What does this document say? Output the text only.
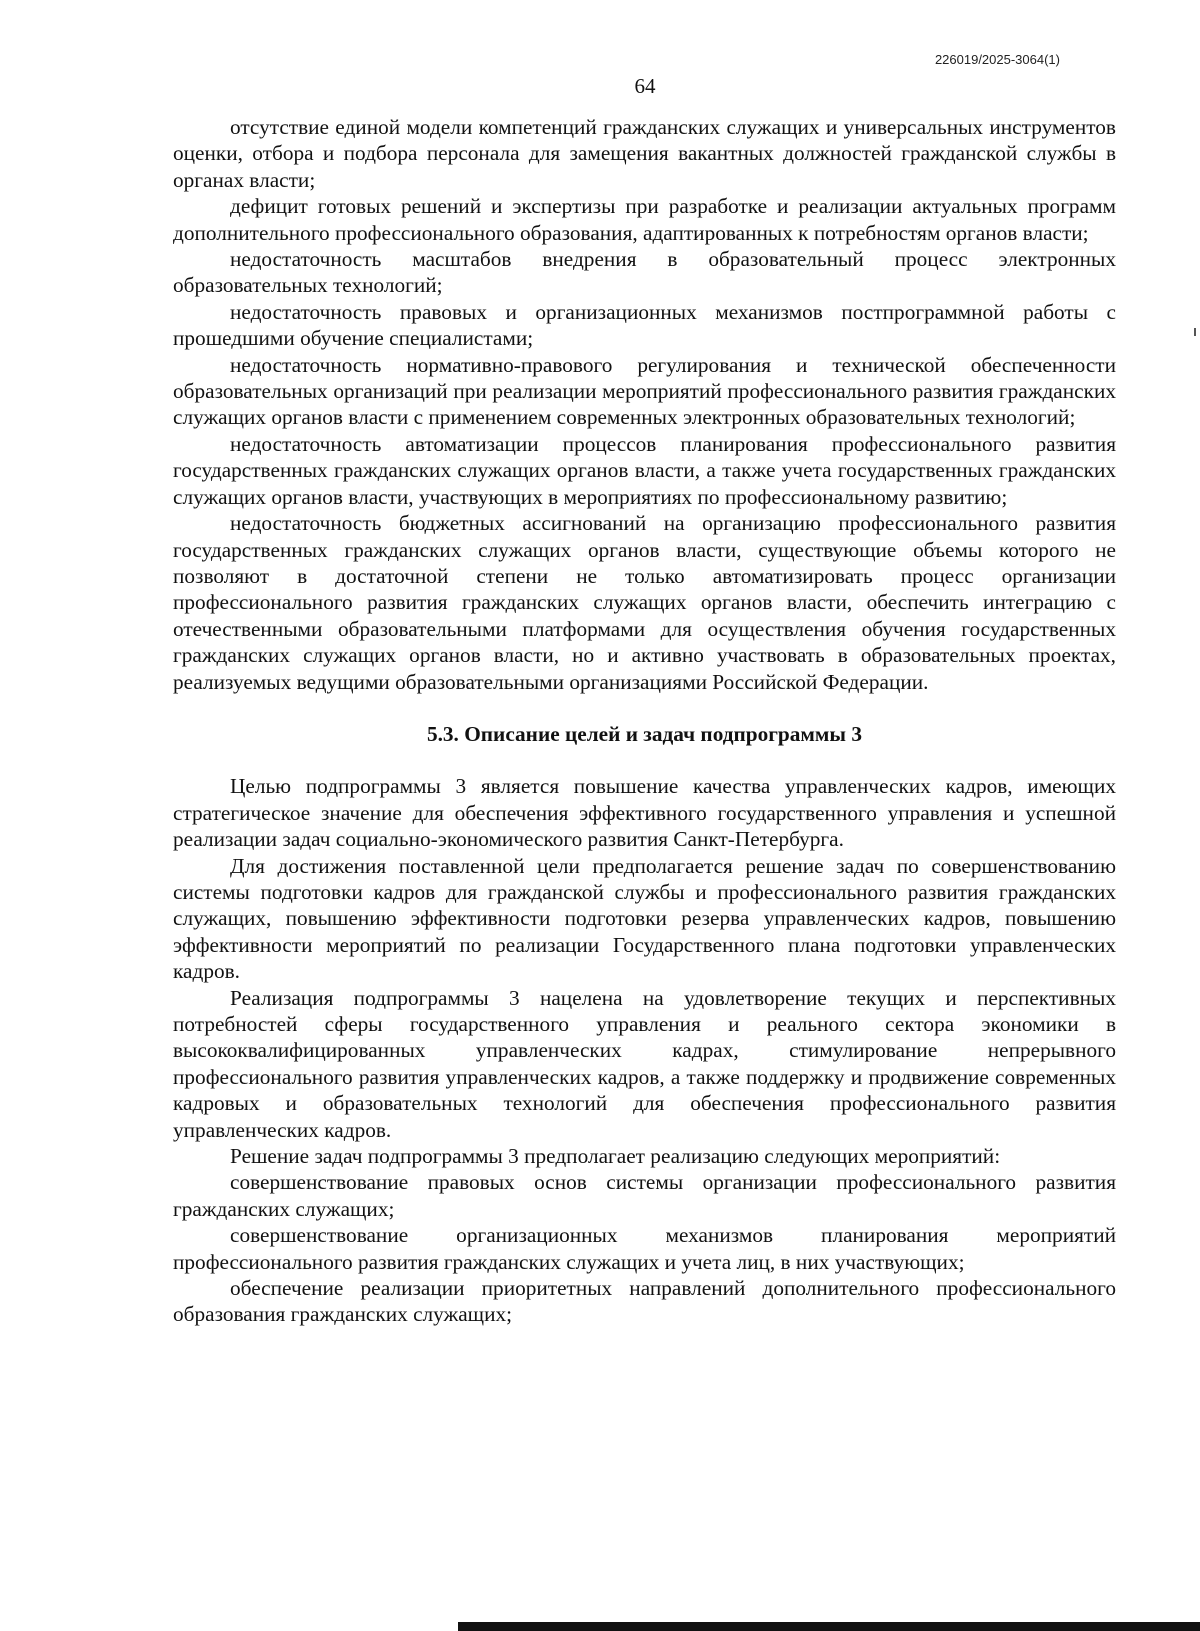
226019/2025-3064(1)
64

отсутствие единой модели компетенций гражданских служащих и универсальных инструментов оценки, отбора и подбора персонала для замещения вакантных должностей гражданской службы в органах власти;

дефицит готовых решений и экспертизы при разработке и реализации актуальных программ дополнительного профессионального образования, адаптированных к потребностям органов власти;

недостаточность масштабов внедрения в образовательный процесс электронных образовательных технологий;

недостаточность правовых и организационных механизмов постпрограммной работы с прошедшими обучение специалистами;

недостаточность нормативно-правового регулирования и технической обеспеченности образовательных организаций при реализации мероприятий профессионального развития гражданских служащих органов власти с применением современных электронных образовательных технологий;

недостаточность автоматизации процессов планирования профессионального развития государственных гражданских служащих органов власти, а также учета государственных гражданских служащих органов власти, участвующих в мероприятиях по профессиональному развитию;

недостаточность бюджетных ассигнований на организацию профессионального развития государственных гражданских служащих органов власти, существующие объемы которого не позволяют в достаточной степени не только автоматизировать процесс организации профессионального развития гражданских служащих органов власти, обеспечить интеграцию с отечественными образовательными платформами для осуществления обучения государственных гражданских служащих органов власти, но и активно участвовать в образовательных проектах, реализуемых ведущими образовательными организациями Российской Федерации.

5.3. Описание целей и задач подпрограммы 3

Целью подпрограммы 3 является повышение качества управленческих кадров, имеющих стратегическое значение для обеспечения эффективного государственного управления и успешной реализации задач социально-экономического развития Санкт-Петербурга.

Для достижения поставленной цели предполагается решение задач по совершенствованию системы подготовки кадров для гражданской службы и профессионального развития гражданских служащих, повышению эффективности подготовки резерва управленческих кадров, повышению эффективности мероприятий по реализации Государственного плана подготовки управленческих кадров.

Реализация подпрограммы 3 нацелена на удовлетворение текущих и перспективных потребностей сферы государственного управления и реального сектора экономики в высококвалифицированных управленческих кадрах, стимулирование непрерывного профессионального развития управленческих кадров, а также поддержку и продвижение современных кадровых и образовательных технологий для обеспечения профессионального развития управленческих кадров.

Решение задач подпрограммы 3 предполагает реализацию следующих мероприятий:

совершенствование правовых основ системы организации профессионального развития гражданских служащих;

совершенствование организационных механизмов планирования мероприятий профессионального развития гражданских служащих и учета лиц, в них участвующих;

обеспечение реализации приоритетных направлений дополнительного профессионального образования гражданских служащих;
